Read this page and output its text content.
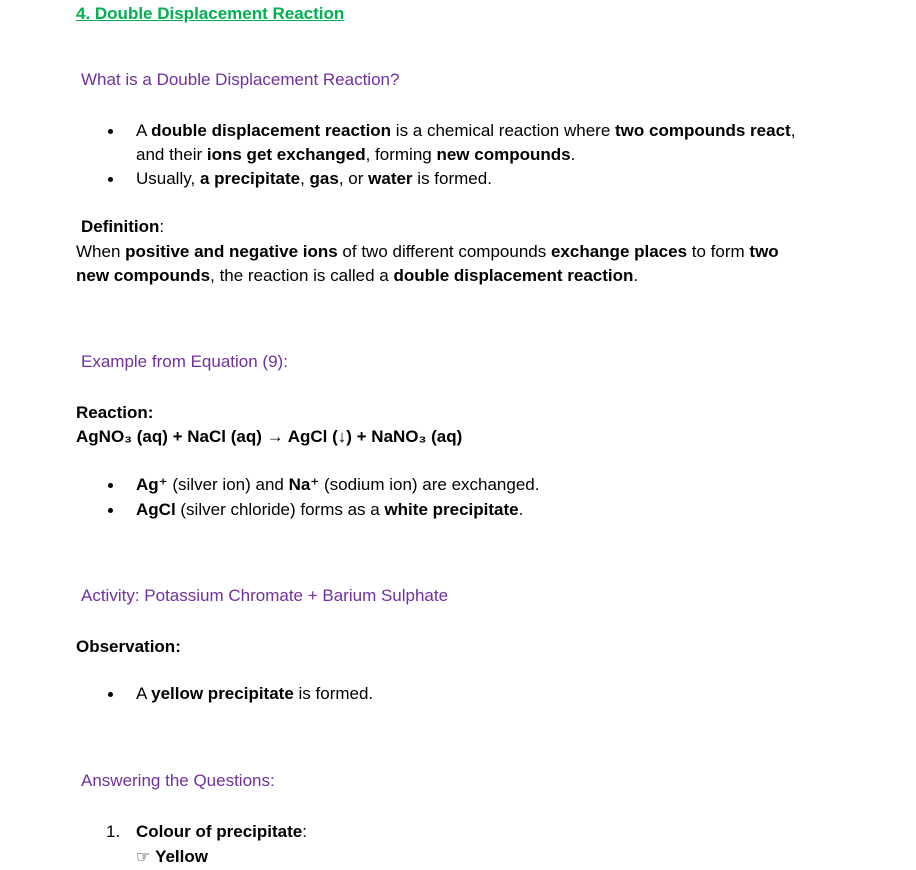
4. Double Displacement Reaction
What is a Double Displacement Reaction?
A double displacement reaction is a chemical reaction where two compounds react,
and their ions get exchanged, forming new compounds.
Usually, a precipitate, gas, or water is formed.
Definition:
When positive and negative ions of two different compounds exchange places to form two
new compounds, the reaction is called a double displacement reaction.
Example from Equation (9):
Reaction:
AgNO₃ (aq) + NaCl (aq) → AgCl (↓) + NaNO₃ (aq)
Ag⁺ (silver ion) and Na⁺ (sodium ion) are exchanged.
AgCl (silver chloride) forms as a white precipitate.
Activity: Potassium Chromate + Barium Sulphate
Observation:
A yellow precipitate is formed.
Answering the Questions:
1. Colour of precipitate:
☞ Yellow
